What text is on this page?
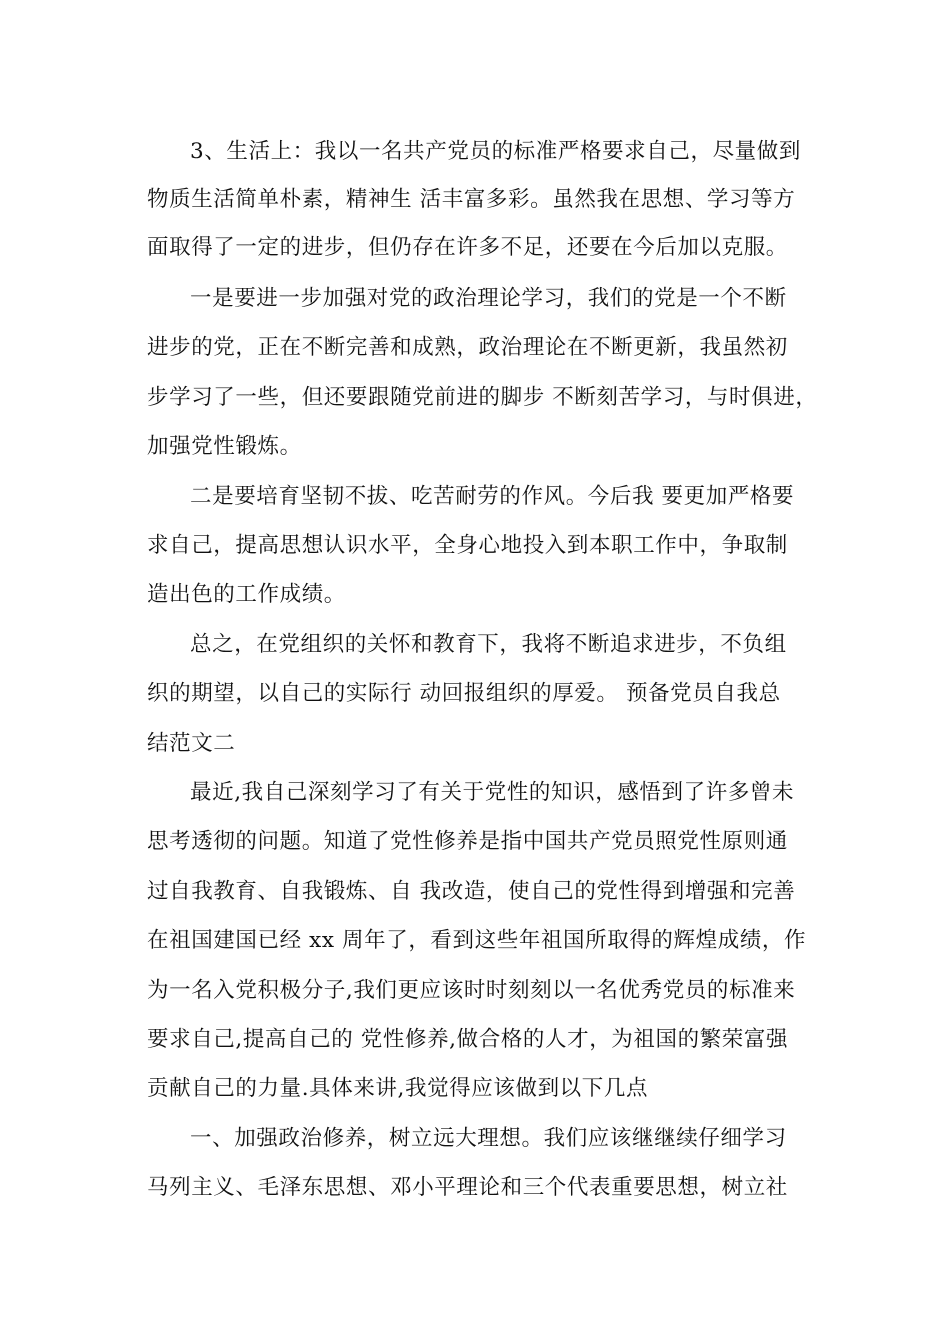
3、生活上：我以一名共产党员的标准严格要求自己，尽量做到
物质生活简单朴素，精神生 活丰富多彩。虽然我在思想、学习等方
面取得了一定的进步，但仍存在许多不足，还要在今后加以克服。
一是要进一步加强对党的政治理论学习，我们的党是一个不断
进步的党，正在不断完善和成熟，政治理论在不断更新，我虽然初
步学习了一些，但还要跟随党前进的脚步 不断刻苦学习，与时俱进，
加强党性锻炼。
二是要培育坚韧不拔、吃苦耐劳的作风。今后我 要更加严格要
求自己，提高思想认识水平，全身心地投入到本职工作中，争取制
造出色的工作成绩。
总之，在党组织的关怀和教育下，我将不断追求进步，不负组
织的期望，以自己的实际行 动回报组织的厚爱。 预备党员自我总
结范文二
最近,我自己深刻学习了有关于党性的知识，感悟到了许多曾未
思考透彻的问题。知道了党性修养是指中国共产党员照党性原则通
过自我教育、自我锻炼、自 我改造，使自己的党性得到增强和完善
在祖国建国已经 xx 周年了，看到这些年祖国所取得的辉煌成绩，作
为一名入党积极分子,我们更应该时时刻刻以一名优秀党员的标准来
要求自己,提高自己的 党性修养,做合格的人才，为祖国的繁荣富强
贡献自己的力量.具体来讲,我觉得应该做到以下几点
一、加强政治修养，树立远大理想。我们应该继继续仔细学习
马列主义、毛泽东思想、邓小平理论和三个代表重要思想，树立社
